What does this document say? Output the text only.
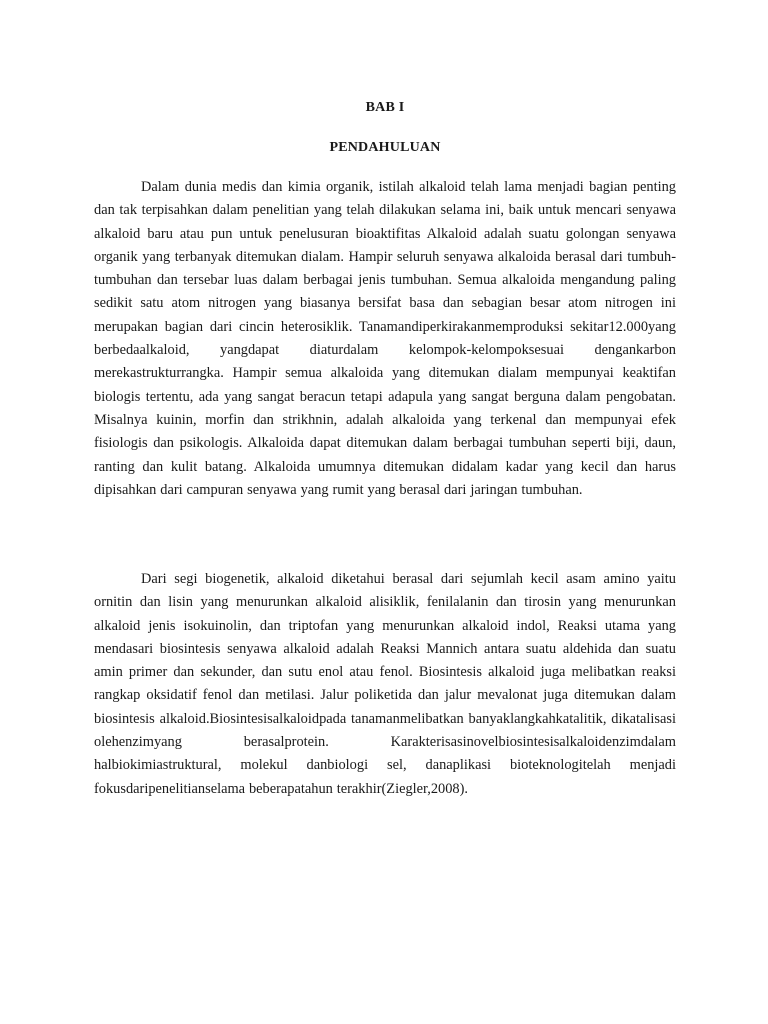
BAB I
PENDAHULUAN

Dalam dunia medis dan kimia organik, istilah alkaloid telah lama menjadi bagian penting dan tak terpisahkan dalam penelitian yang telah dilakukan selama ini, baik untuk mencari senyawa alkaloid baru atau pun untuk penelusuran bioaktifitas Alkaloid adalah suatu golongan senyawa organik yang terbanyak ditemukan dialam. Hampir seluruh senyawa alkaloida berasal dari tumbuh-tumbuhan dan tersebar luas dalam berbagai jenis tumbuhan. Semua alkaloida mengandung paling sedikit satu atom nitrogen yang biasanya bersifat basa dan sebagian besar atom nitrogen ini merupakan bagian dari cincin heterosiklik. Tanamandiperkirakanmemproduksi sekitar12.000yang berbedaalkaloid, yangdapat diaturdalam kelompok-kelompoksesuai dengankarbon merekastrukturrangka. Hampir semua alkaloida yang ditemukan dialam mempunyai keaktifan biologis tertentu, ada yang sangat beracun tetapi adapula yang sangat berguna dalam pengobatan. Misalnya kuinin, morfin dan strikhnin, adalah alkaloida yang terkenal dan mempunyai efek fisiologis dan psikologis. Alkaloida dapat ditemukan dalam berbagai tumbuhan seperti biji, daun, ranting dan kulit batang. Alkaloida umumnya ditemukan didalam kadar yang kecil dan harus dipisahkan dari campuran senyawa yang rumit yang berasal dari jaringan tumbuhan.

Dari segi biogenetik, alkaloid diketahui berasal dari sejumlah kecil asam amino yaitu ornitin dan lisin yang menurunkan alkaloid alisiklik, fenilalanin dan tirosin yang menurunkan alkaloid jenis isokuinolin, dan triptofan yang menurunkan alkaloid indol, Reaksi utama yang mendasari biosintesis senyawa alkaloid adalah Reaksi Mannich antara suatu aldehida dan suatu amin primer dan sekunder, dan sutu enol atau fenol. Biosintesis alkaloid juga melibatkan reaksi rangkap oksidatif fenol dan metilasi. Jalur poliketida dan jalur mevalonat juga ditemukan dalam biosintesis alkaloid.Biosintesisalkaloidpada tanamanmelibatkan banyaklangkahkatalitik, dikatalisasi olehenzimyang berasalprotein. Karakterisasinovelbiosintesisalkaloidenzimdalam halbiokimiastruktural, molekul danbiologi sel, danaplikasi bioteknologitelah menjadi fokusdaripenelitianselama beberapatahun terakhir(Ziegler,2008).
